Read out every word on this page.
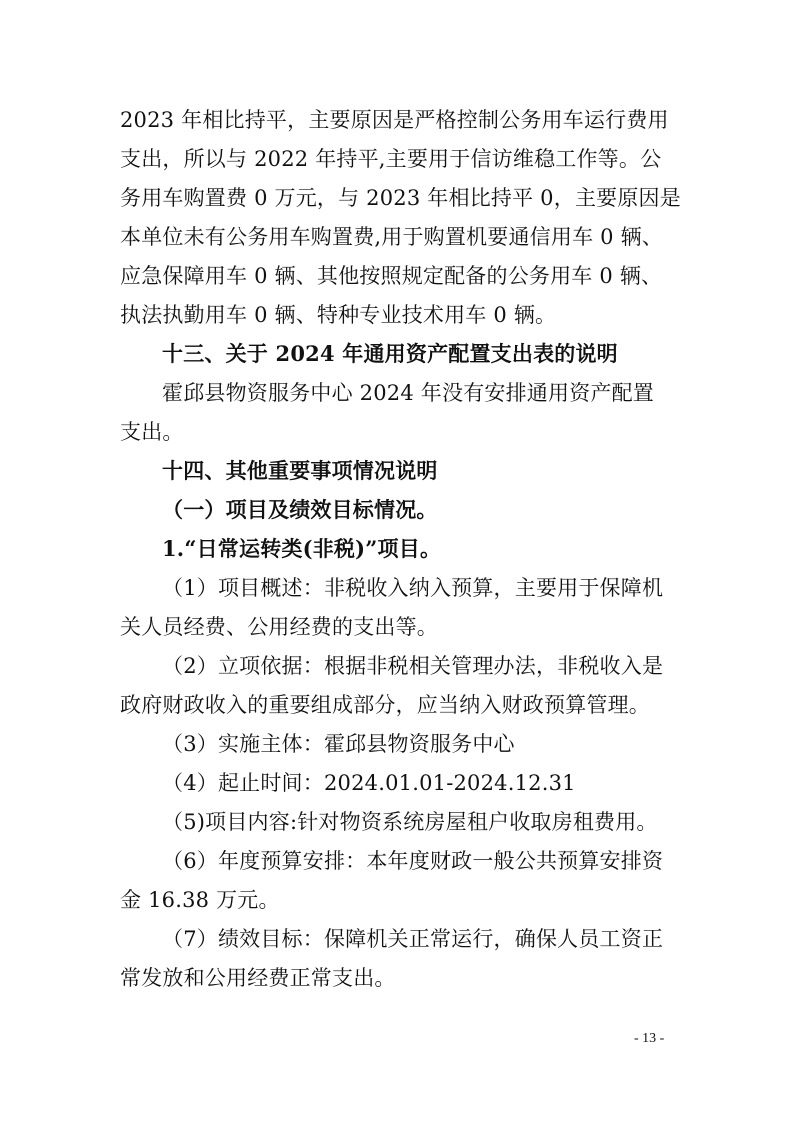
2023 年相比持平，主要原因是严格控制公务用车运行费用
支出，所以与 2022 年持平,主要用于信访维稳工作等。公
务用车购置费 0 万元，与 2023 年相比持平 0，主要原因是
本单位未有公务用车购置费,用于购置机要通信用车 0 辆、
应急保障用车 0 辆、其他按照规定配备的公务用车 0 辆、
执法执勤用车 0 辆、特种专业技术用车 0 辆。
十三、关于 2024 年通用资产配置支出表的说明
霍邱县物资服务中心 2024 年没有安排通用资产配置
支出。
十四、其他重要事项情况说明
（一）项目及绩效目标情况。
1.“日常运转类(非税)”项目。
（1）项目概述：非税收入纳入预算，主要用于保障机
关人员经费、公用经费的支出等。
（2）立项依据：根据非税相关管理办法，非税收入是
政府财政收入的重要组成部分，应当纳入财政预算管理。
（3）实施主体：霍邱县物资服务中心
（4）起止时间：2024.01.01-2024.12.31
（5)项目内容:针对物资系统房屋租户收取房租费用。
（6）年度预算安排：本年度财政一般公共预算安排资
金 16.38 万元。
（7）绩效目标：保障机关正常运行，确保人员工资正
常发放和公用经费正常支出。
- 13 -
